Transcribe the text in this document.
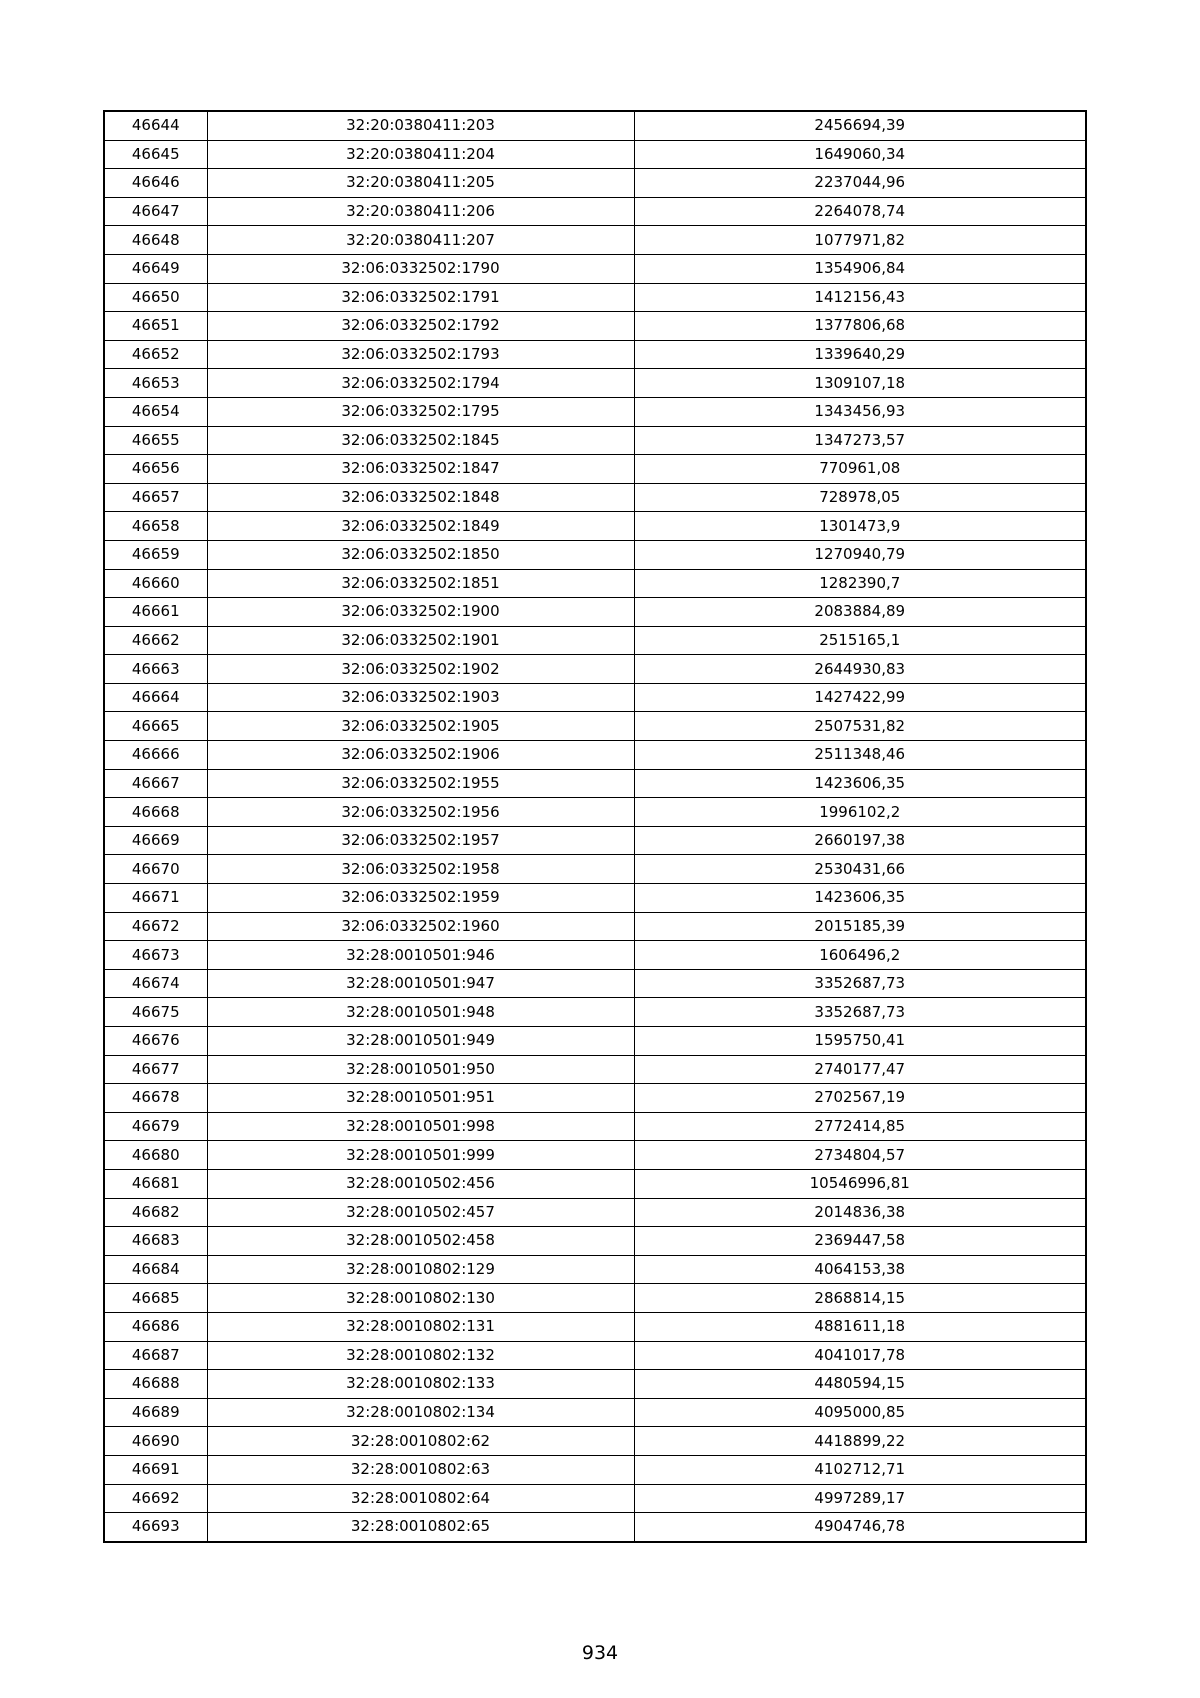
46644	32:20:0380411:203	2456694,39
46645	32:20:0380411:204	1649060,34
46646	32:20:0380411:205	2237044,96
46647	32:20:0380411:206	2264078,74
46648	32:20:0380411:207	1077971,82
46649	32:06:0332502:1790	1354906,84
46650	32:06:0332502:1791	1412156,43
46651	32:06:0332502:1792	1377806,68
46652	32:06:0332502:1793	1339640,29
46653	32:06:0332502:1794	1309107,18
46654	32:06:0332502:1795	1343456,93
46655	32:06:0332502:1845	1347273,57
46656	32:06:0332502:1847	770961,08
46657	32:06:0332502:1848	728978,05
46658	32:06:0332502:1849	1301473,9
46659	32:06:0332502:1850	1270940,79
46660	32:06:0332502:1851	1282390,7
46661	32:06:0332502:1900	2083884,89
46662	32:06:0332502:1901	2515165,1
46663	32:06:0332502:1902	2644930,83
46664	32:06:0332502:1903	1427422,99
46665	32:06:0332502:1905	2507531,82
46666	32:06:0332502:1906	2511348,46
46667	32:06:0332502:1955	1423606,35
46668	32:06:0332502:1956	1996102,2
46669	32:06:0332502:1957	2660197,38
46670	32:06:0332502:1958	2530431,66
46671	32:06:0332502:1959	1423606,35
46672	32:06:0332502:1960	2015185,39
46673	32:28:0010501:946	1606496,2
46674	32:28:0010501:947	3352687,73
46675	32:28:0010501:948	3352687,73
46676	32:28:0010501:949	1595750,41
46677	32:28:0010501:950	2740177,47
46678	32:28:0010501:951	2702567,19
46679	32:28:0010501:998	2772414,85
46680	32:28:0010501:999	2734804,57
46681	32:28:0010502:456	10546996,81
46682	32:28:0010502:457	2014836,38
46683	32:28:0010502:458	2369447,58
46684	32:28:0010802:129	4064153,38
46685	32:28:0010802:130	2868814,15
46686	32:28:0010802:131	4881611,18
46687	32:28:0010802:132	4041017,78
46688	32:28:0010802:133	4480594,15
46689	32:28:0010802:134	4095000,85
46690	32:28:0010802:62	4418899,22
46691	32:28:0010802:63	4102712,71
46692	32:28:0010802:64	4997289,17
46693	32:28:0010802:65	4904746,78
934
